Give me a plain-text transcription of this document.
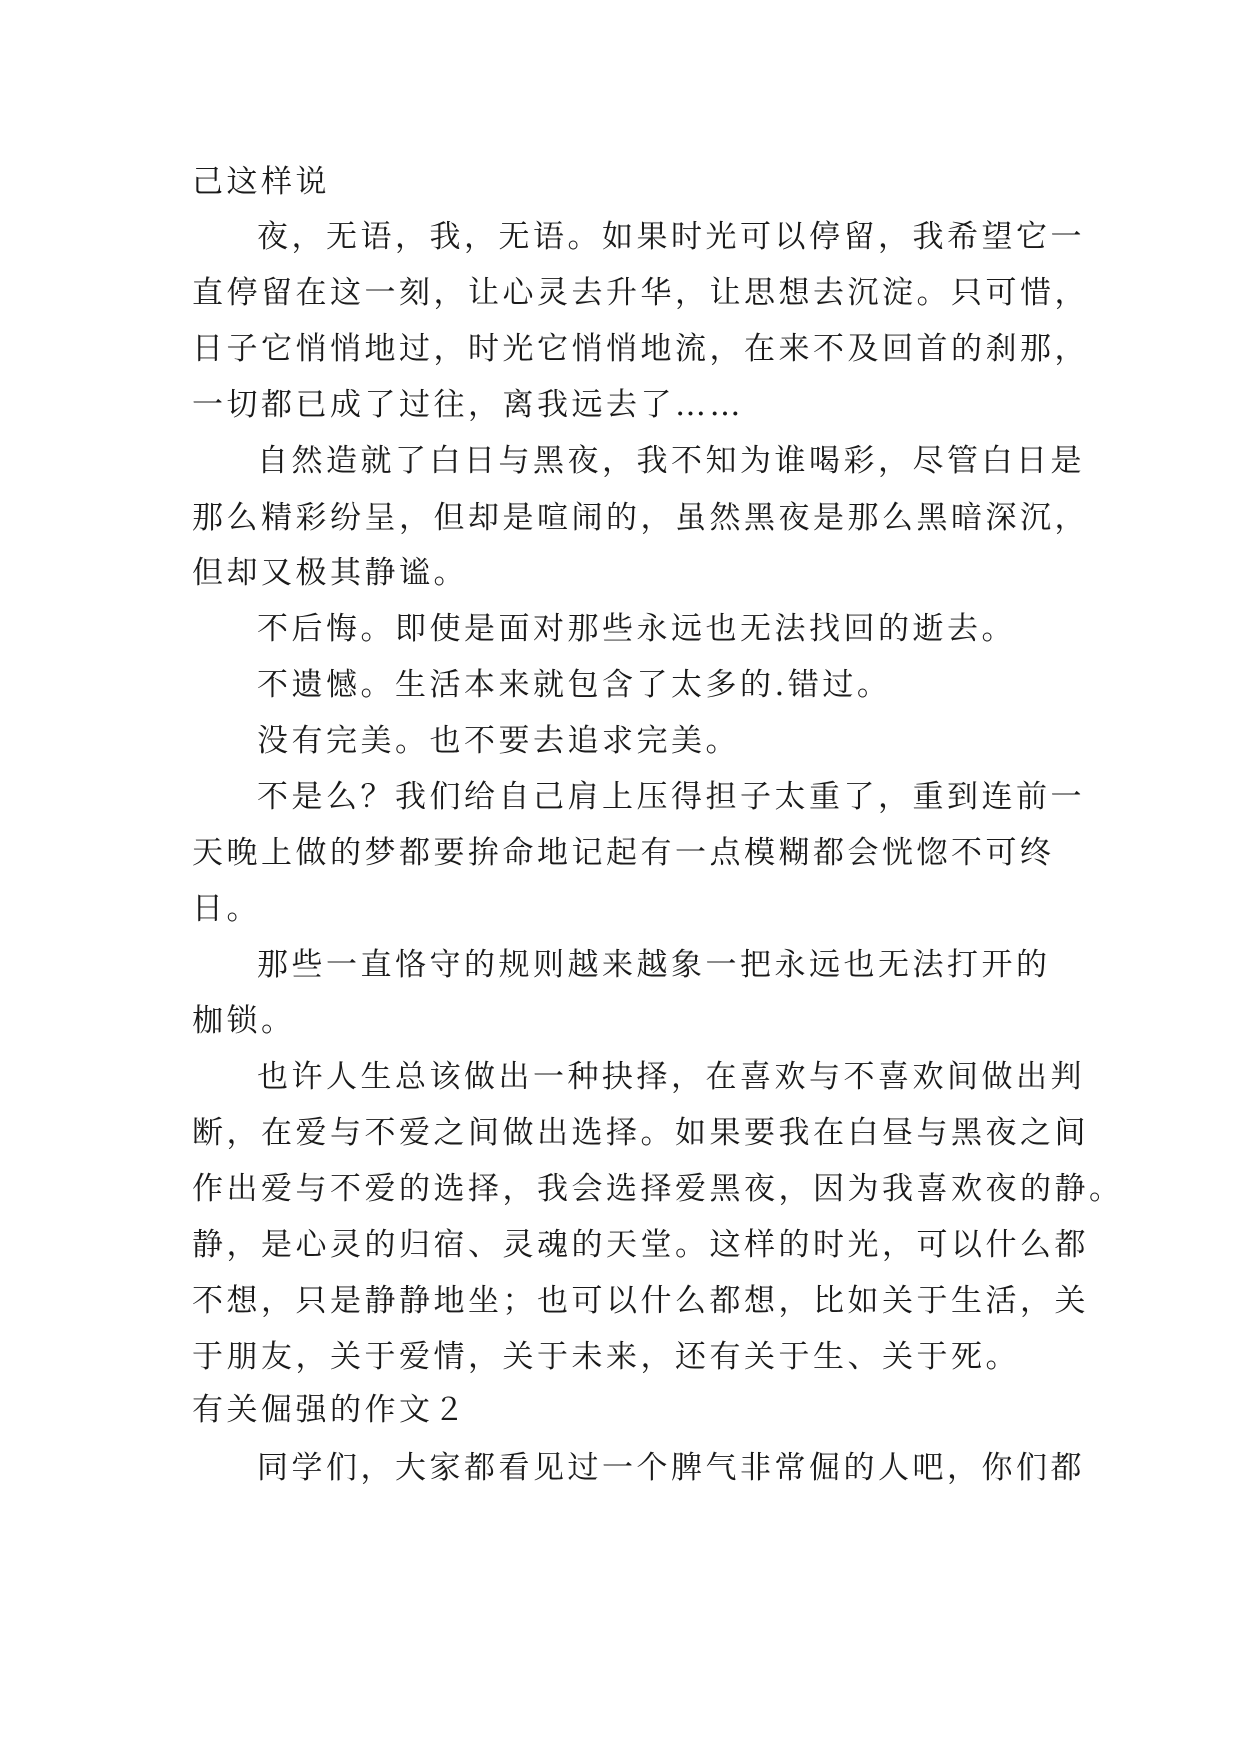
己这样说
夜，无语，我，无语。如果时光可以停留，我希望它一
直停留在这一刻，让心灵去升华，让思想去沉淀。只可惜，
日子它悄悄地过，时光它悄悄地流，在来不及回首的刹那，
一切都已成了过往，离我远去了……
自然造就了白日与黑夜，我不知为谁喝彩，尽管白日是
那么精彩纷呈，但却是喧闹的，虽然黑夜是那么黑暗深沉，
但却又极其静谧。
不后悔。即使是面对那些永远也无法找回的逝去。
不遗憾。生活本来就包含了太多的.错过。
没有完美。也不要去追求完美。
不是么？我们给自己肩上压得担子太重了，重到连前一
天晚上做的梦都要拚命地记起有一点模糊都会恍惚不可终
日。
那些一直恪守的规则越来越象一把永远也无法打开的
枷锁。
也许人生总该做出一种抉择，在喜欢与不喜欢间做出判
断，在爱与不爱之间做出选择。如果要我在白昼与黑夜之间
作出爱与不爱的选择，我会选择爱黑夜，因为我喜欢夜的静。
静，是心灵的归宿、灵魂的天堂。这样的时光，可以什么都
不想，只是静静地坐；也可以什么都想，比如关于生活，关
于朋友，关于爱情，关于未来，还有关于生、关于死。
有关倔强的作文２
同学们，大家都看见过一个脾气非常倔的人吧，你们都
